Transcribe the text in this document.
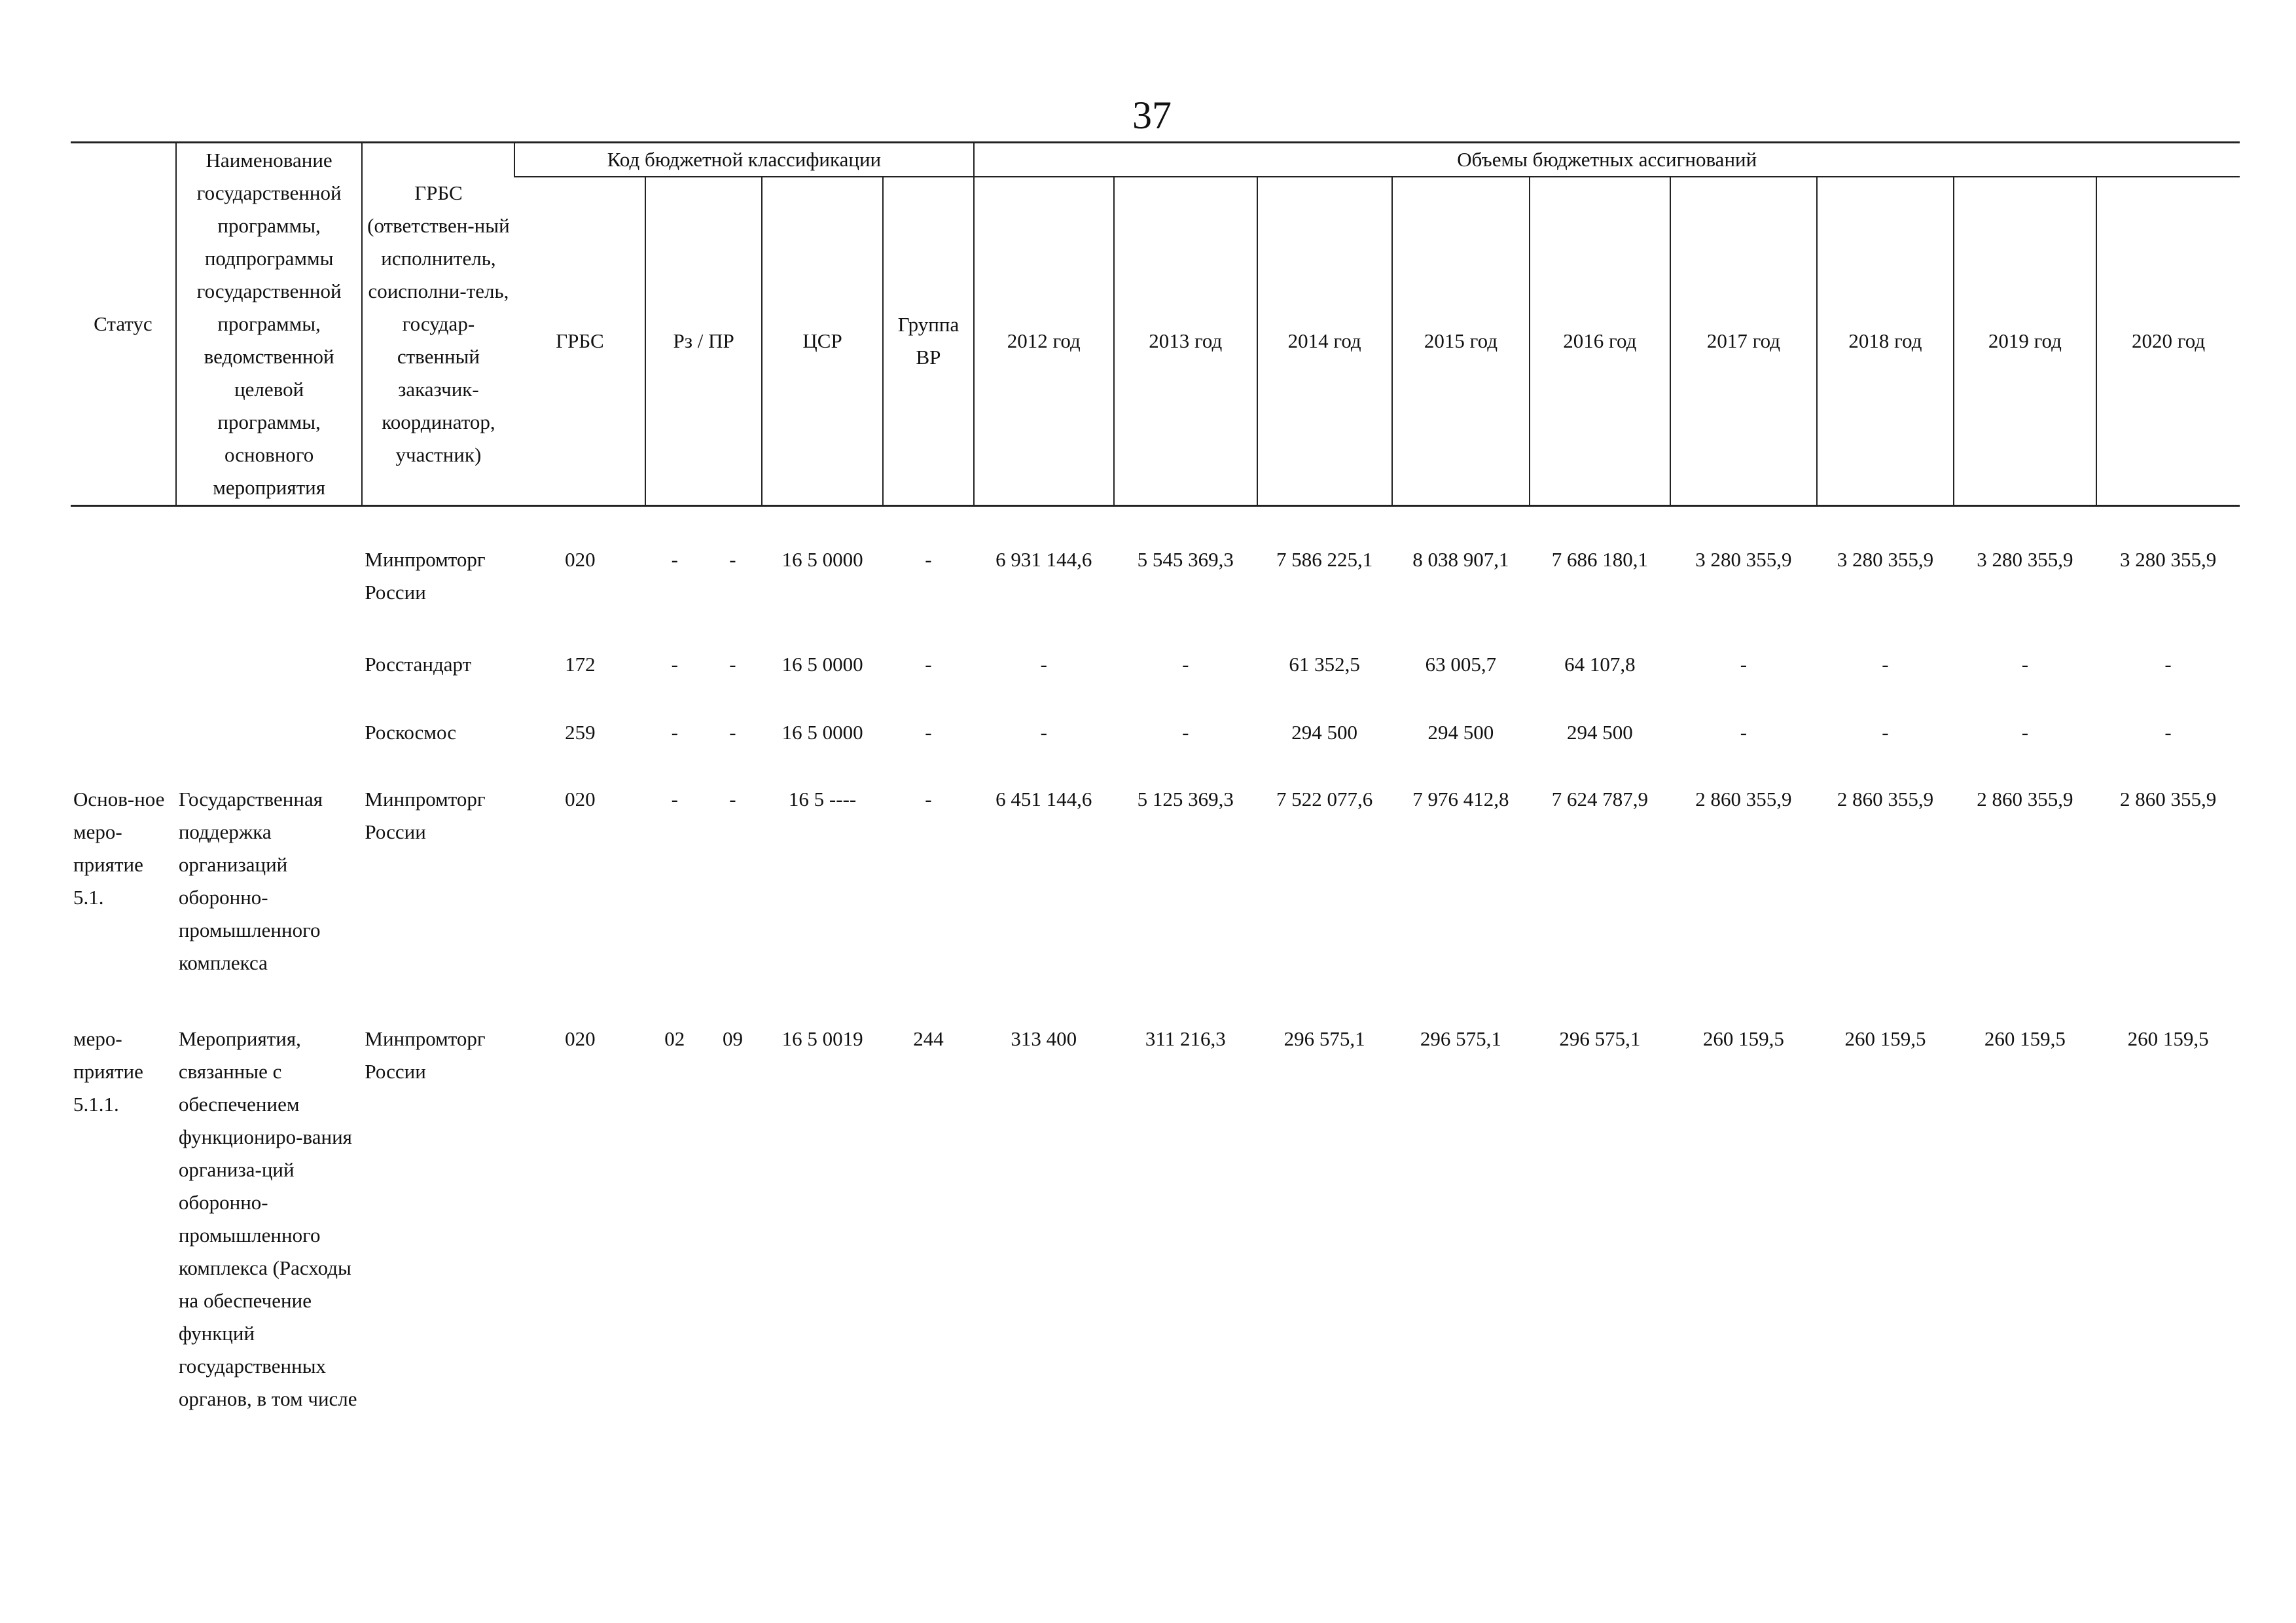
37
Статус	Наименование государственной программы, подпрограммы государственной программы, ведомственной целевой программы, основного мероприятия	ГРБС (ответствен-ный исполнитель, соисполни-тель, государ-ственный заказчик-координатор, участник)	Код бюджетной классификации					Объемы бюджетных ассигнований								
			ГРБС	Рз / ПР		ЦСР	Группа ВР	2012 год	2013 год	2014 год	2015 год	2016 год	2017 год	2018 год	2019 год	2020 год
		Минпромторг России	020	-	-	16 5 0000	-	6 931 144,6	5 545 369,3	7 586 225,1	8 038 907,1	7 686 180,1	3 280 355,9	3 280 355,9	3 280 355,9	3 280 355,9
		Росстандарт	172	-	-	16 5 0000	-	-	-	61 352,5	63 005,7	64 107,8	-	-	-	-
		Роскосмос	259	-	-	16 5 0000	-	-	-	294 500	294 500	294 500	-	-	-	-
Основ-ное меро-приятие 5.1.	Государственная поддержка организаций оборонно-промышленного комплекса	Минпромторг России	020	-	-	16 5 ----	-	6 451 144,6	5 125 369,3	7 522 077,6	7 976 412,8	7 624 787,9	2 860 355,9	2 860 355,9	2 860 355,9	2 860 355,9
меро-приятие 5.1.1.	Мероприятия, связанные с обеспечением функциониро-вания организа-ций оборонно-промышленного комплекса (Расходы на обеспечение функций государственных органов, в том числе	Минпромторг России	020	02	09	16 5 0019	244	313 400	311 216,3	296 575,1	296 575,1	296 575,1	260 159,5	260 159,5	260 159,5	260 159,5
